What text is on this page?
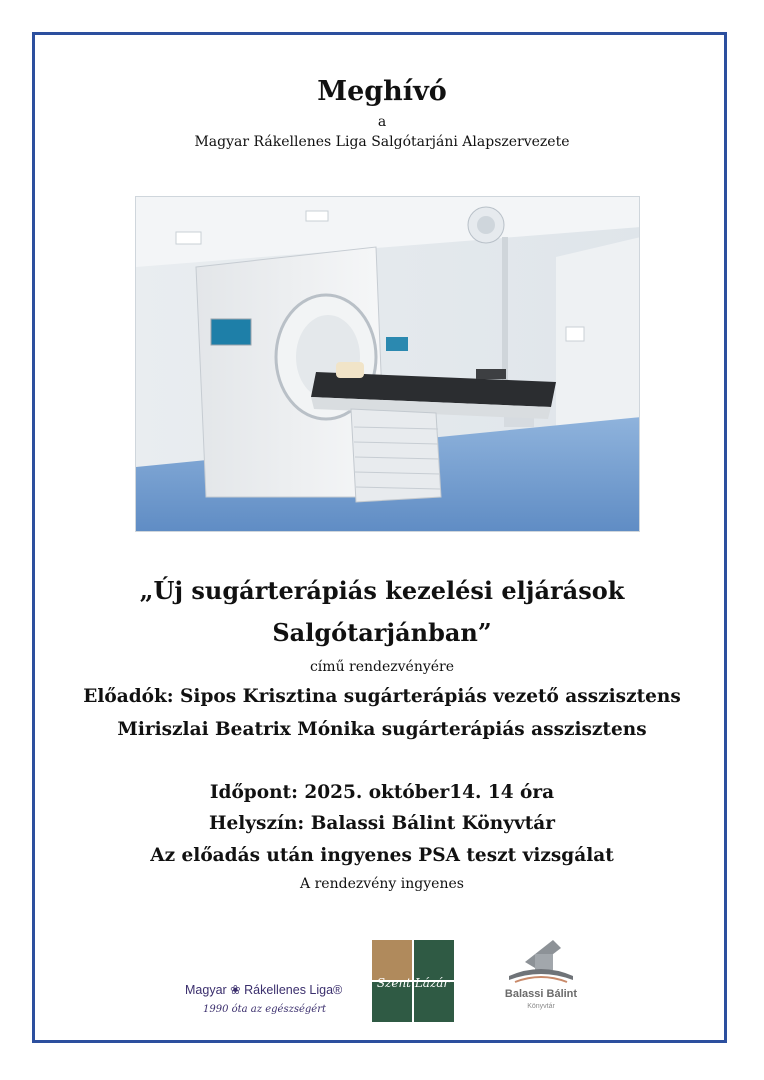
Meghívó
a
Magyar Rákellenes Liga Salgótarjáni Alapszervezete
„Új sugárterápiás kezelési eljárások
Salgótarjánban”
című rendezvényére
Előadók: Sipos Krisztina sugárterápiás vezető asszisztens
Miriszlai Beatrix Mónika sugárterápiás asszisztens
Időpont: 2025. október14. 14 óra
Helyszín: Balassi Bálint Könyvtár
Az előadás után ingyenes PSA teszt vizsgálat
A rendezvény ingyenes
Magyar ❀ Rákellenes Liga®
1990 óta az egészségért
Szent Lázár
Balassi Bálint
Könyvtár
